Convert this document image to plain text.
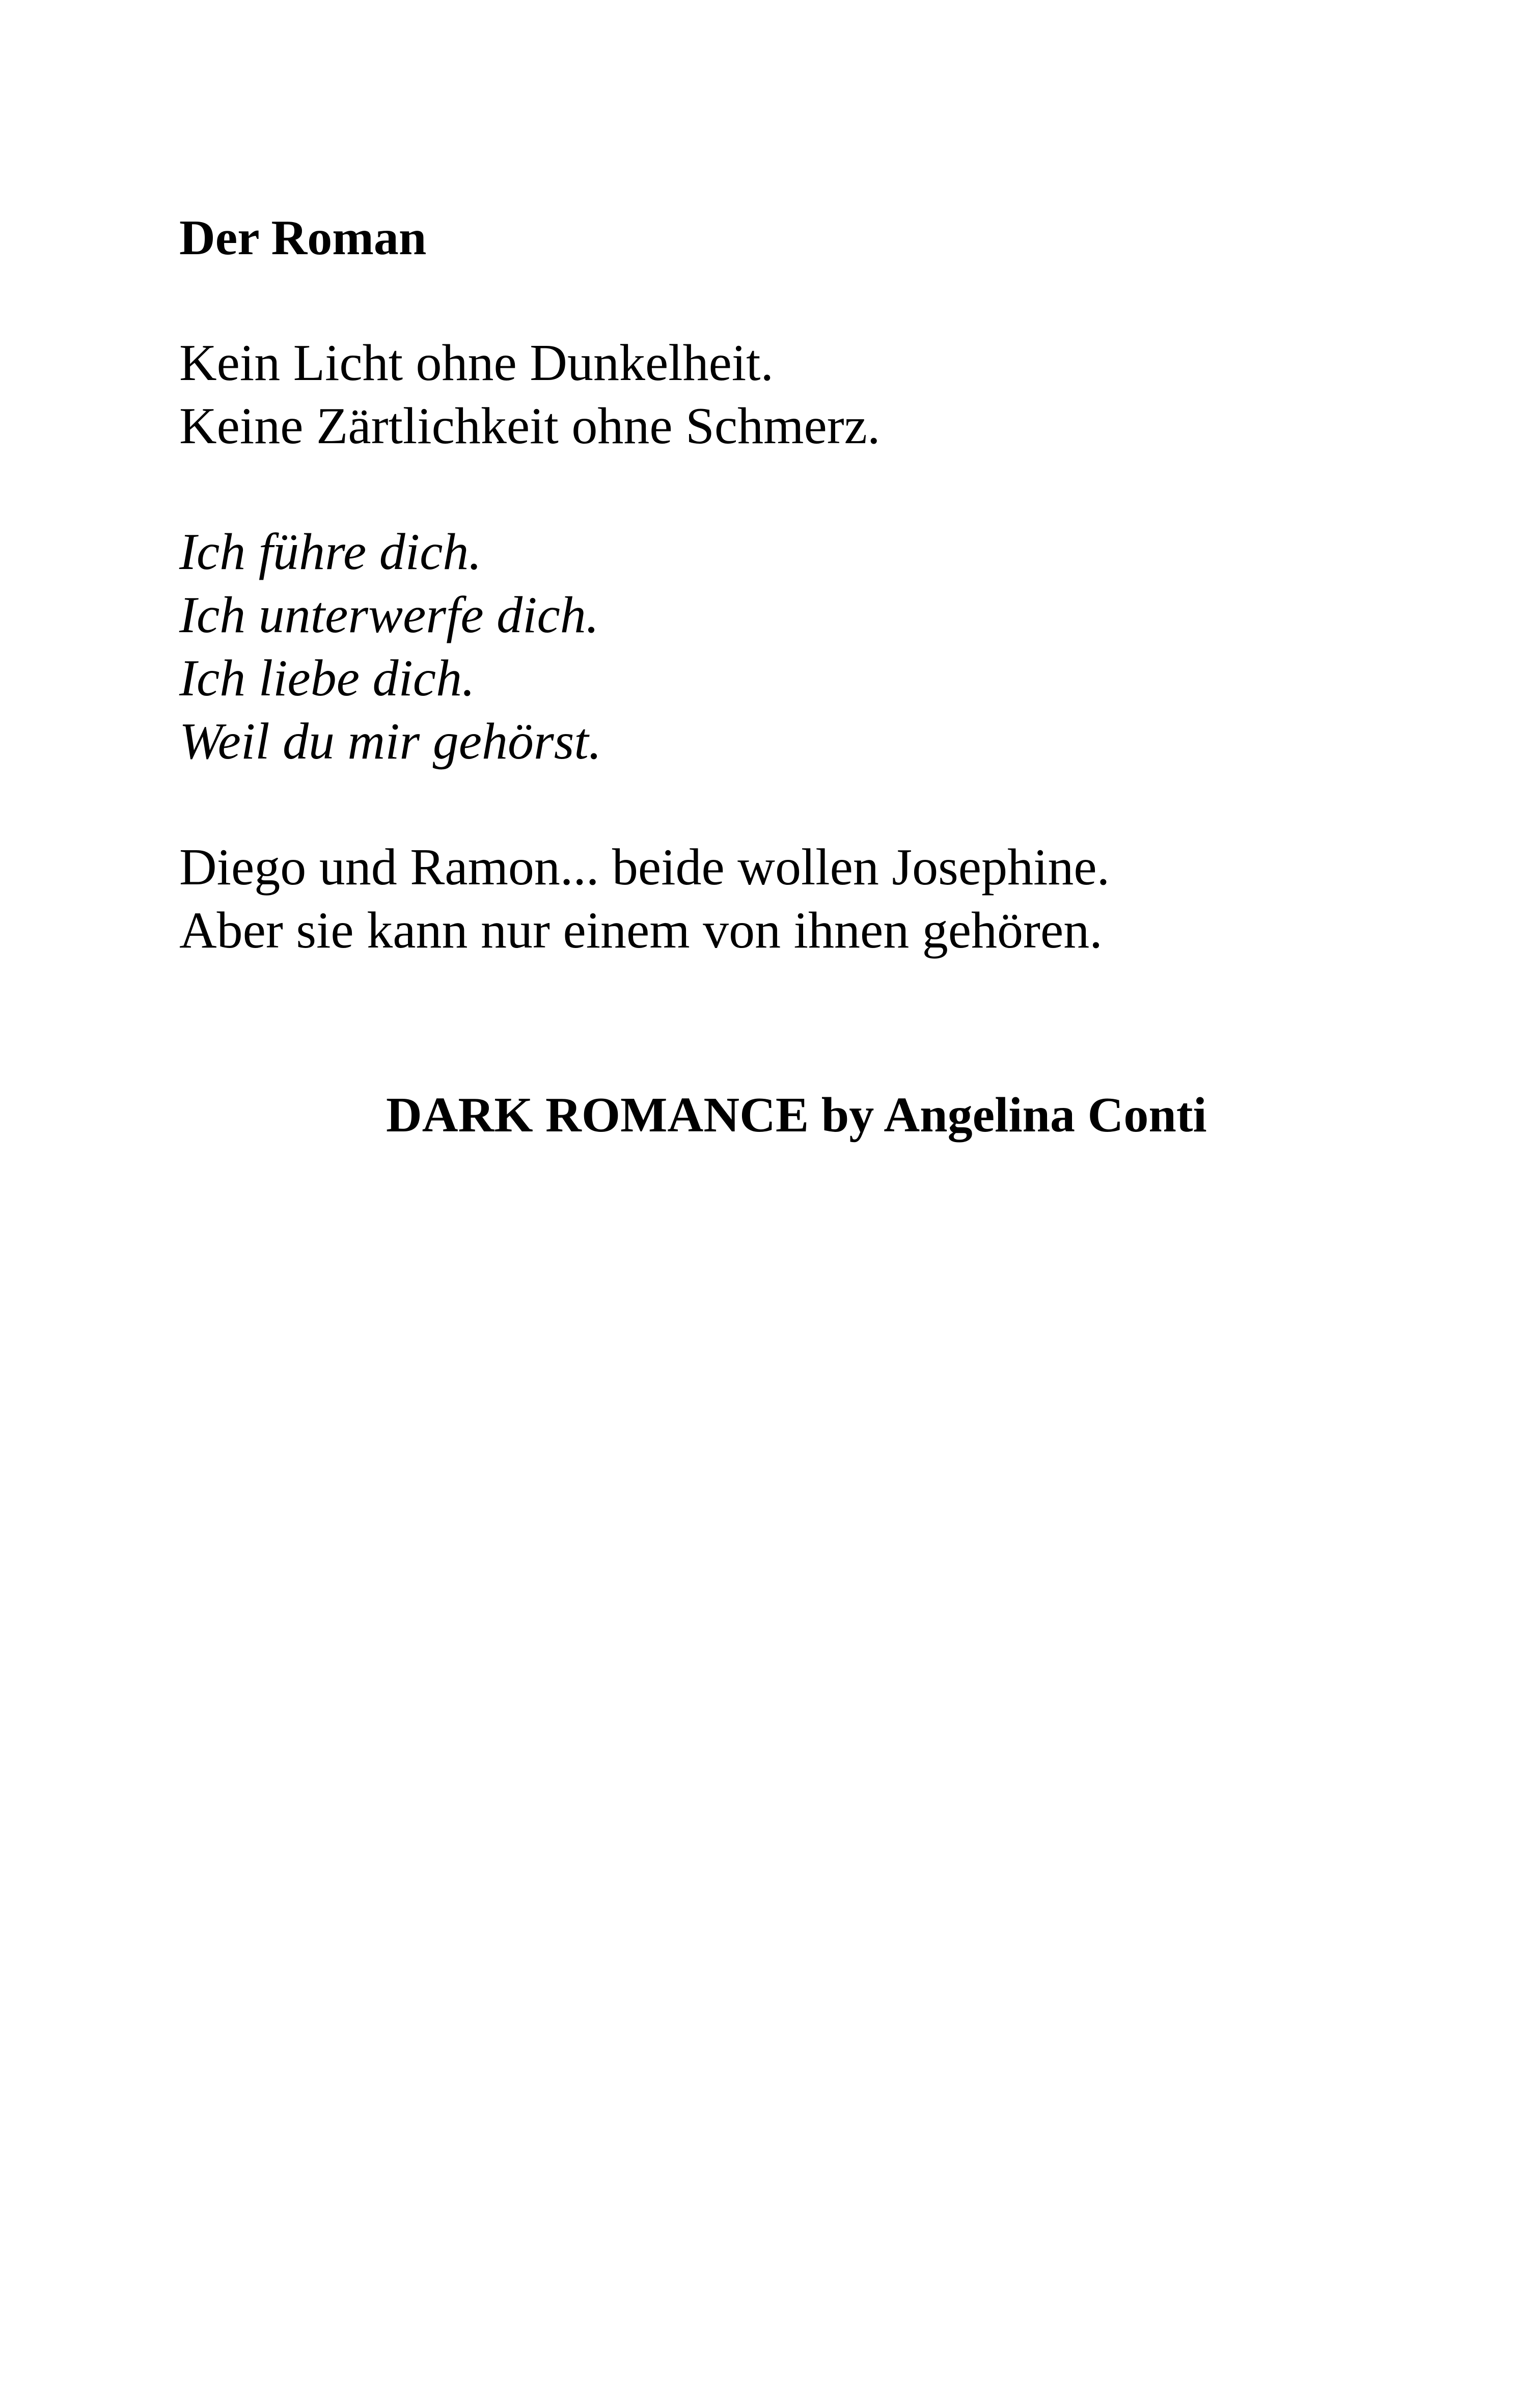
Der Roman

Kein Licht ohne Dunkelheit.

Keine Zärtlichkeit ohne Schmerz.

Ich führe dich.

Ich unterwerfe dich.

Ich liebe dich.

Weil du mir gehörst.

Diego und Ramon... beide wollen Josephine.

Aber sie kann nur einem von ihnen gehören.

DARK ROMANCE by Angelina Conti
